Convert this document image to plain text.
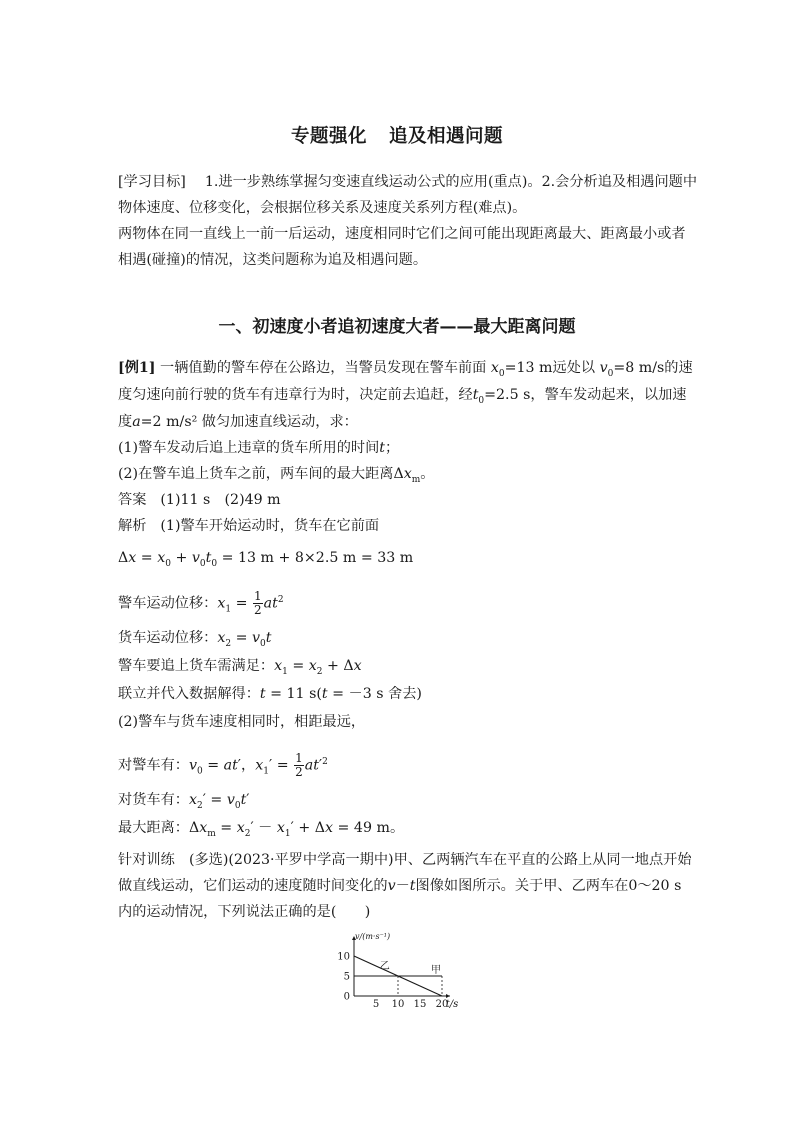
专题强化 追及相遇问题
[学习目标] 1.进一步熟练掌握匀变速直线运动公式的应用(重点)。2.会分析追及相遇问题中
物体速度、位移变化，会根据位移关系及速度关系列方程(难点)。
两物体在同一直线上一前一后运动，速度相同时它们之间可能出现距离最大、距离最小或者
相遇(碰撞)的情况，这类问题称为追及相遇问题。
一、初速度小者追初速度大者——最大距离问题
[例1] 一辆值勤的警车停在公路边，当警员发现在警车前面 $x_0=13$ m远处以 $v_0=8$ m/s的速
度匀速向前行驶的货车有违章行为时，决定前去追赶，经$t_0=2.5$ s，警车发动起来，以加速
度a=2 m/s² 做匀加速直线运动，求：
(1)警车发动后追上违章的货车所用的时间t；
(2)在警车追上货车之前，两车间的最大距离$\Delta x_m$。
答案 (1)11 s　(2)49 m
解析 (1)警车开始运动时，货车在它前面
$\Delta x = x_0 + v_0t_0 = 13$ m + 8×2.5 m = 33 m
警车运动位移：$x_1 = \frac{1}{2} at^2$
货车运动位移：$x_2 = v_0t$
警车要追上货车需满足：$x_1 = x_2 + \Delta x$
联立并代入数据解得：t = 11 s(t = －3 s 舍去)
(2)警车与货车速度相同时，相距最远，
对警车有：$v_0 = at'$，$x_1' = \frac{1}{2} at'^2$
对货车有：$x_2' = v_0t'$
最大距离：$\Delta x_m = x_2' - x_1' + \Delta x = 49$ m。
针对训练　(多选)(2023·平罗中学高一期中)甲、乙两辆汽车在平直的公路上从同一地点开始
做直线运动，它们运动的速度随时间变化的v－t图像如图所示。关于甲、乙两车在0～20 s
内的运动情况，下列说法正确的是(　　)
甲
乙
5 10 15 20
10
5
0
v/(m·s⁻¹)
t/s
